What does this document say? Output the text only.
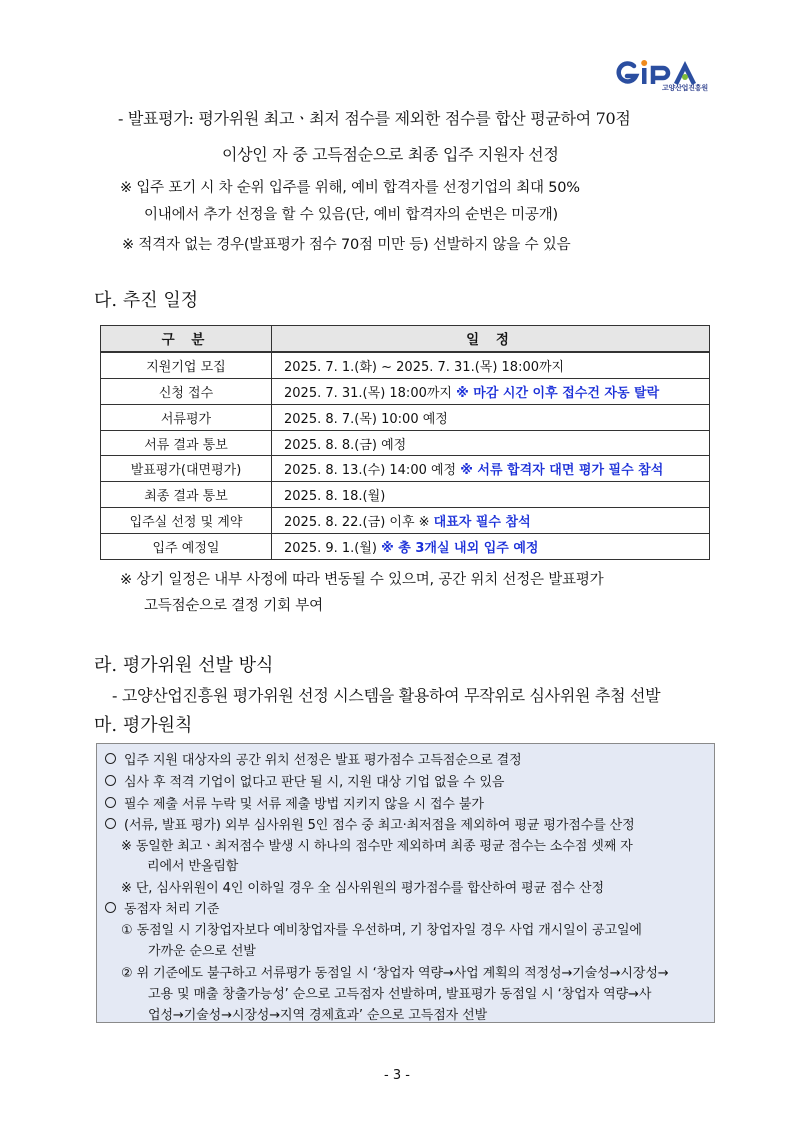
고양산업진흥원
- 발표평가: 평가위원 최고ㆍ최저 점수를 제외한 점수를 합산 평균하여 70점
이상인 자 중 고득점순으로 최종 입주 지원자 선정
※ 입주 포기 시 차 순위 입주를 위해, 예비 합격자를 선정기업의 최대 50%
이내에서 추가 선정을 할 수 있음(단, 예비 합격자의 순번은 미공개)
※ 적격자 없는 경우(발표평가 점수 70점 미만 등) 선발하지 않을 수 있음
다. 추진 일정
구 분	일 정
지원기업 모집	2025. 7. 1.(화) ~ 2025. 7. 31.(목) 18:00까지
신청 접수	2025. 7. 31.(목) 18:00까지 ※ 마감 시간 이후 접수건 자동 탈락
서류평가	2025. 8. 7.(목) 10:00 예정
서류 결과 통보	2025. 8. 8.(금) 예정
발표평가(대면평가)	2025. 8. 13.(수) 14:00 예정 ※ 서류 합격자 대면 평가 필수 참석
최종 결과 통보	2025. 8. 18.(월)
입주실 선정 및 계약	2025. 8. 22.(금) 이후 ※ 대표자 필수 참석
입주 예정일	2025. 9. 1.(월) ※ 총 3개실 내외 입주 예정
※ 상기 일정은 내부 사정에 따라 변동될 수 있으며, 공간 위치 선정은 발표평가
고득점순으로 결정 기회 부여
라. 평가위원 선발 방식
- 고양산업진흥원 평가위원 선정 시스템을 활용하여 무작위로 심사위원 추첨 선발
마. 평가원칙
입주 지원 대상자의 공간 위치 선정은 발표 평가점수 고득점순으로 결정
심사 후 적격 기업이 없다고 판단 될 시, 지원 대상 기업 없을 수 있음
필수 제출 서류 누락 및 서류 제출 방법 지키지 않을 시 접수 불가
(서류, 발표 평가) 외부 심사위원 5인 점수 중 최고·최저점을 제외하여 평균 평가점수를 산정
※ 동일한 최고ㆍ최저점수 발생 시 하나의 점수만 제외하며 최종 평균 점수는 소수점 셋째 자
리에서 반올림함
※ 단, 심사위원이 4인 이하일 경우 全 심사위원의 평가점수를 합산하여 평균 점수 산정
동점자 처리 기준
① 동점일 시 기창업자보다 예비창업자를 우선하며, 기 창업자일 경우 사업 개시일이 공고일에
가까운 순으로 선발
② 위 기준에도 불구하고 서류평가 동점일 시 ‘창업자 역량→사업 계획의 적정성→기술성→시장성→
고용 및 매출 창출가능성’ 순으로 고득점자 선발하며, 발표평가 동점일 시 ‘창업자 역량→사
업성→기술성→시장성→지역 경제효과’ 순으로 고득점자 선발
- 3 -
